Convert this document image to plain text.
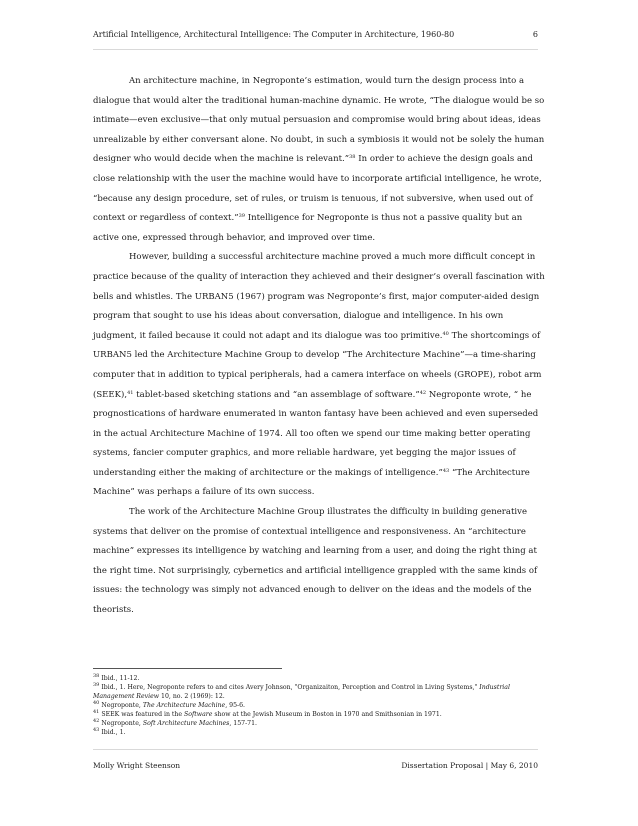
Artificial Intelligence, Architectural Intelligence: The Computer in Architecture, 1960-80	6

An architecture machine, in Negroponte’s estimation, would turn the design process into a dialogue that would alter the traditional human-machine dynamic. He wrote, “The dialogue would be so intimate—even exclusive—that only mutual persuasion and compromise would bring about ideas, ideas unrealizable by either conversant alone. No doubt, in such a symbiosis it would not be solely the human designer who would decide when the machine is relevant.”$^{38}$ In order to achieve the design goals and close relationship with the user the machine would have to incorporate artificial intelligence, he wrote, “because any design procedure, set of rules, or truism is tenuous, if not subversive, when used out of context or regardless of context.”$^{39}$ Intelligence for Negroponte is thus not a passive quality but an active one, expressed through behavior, and improved over time.

However, building a successful architecture machine proved a much more difficult concept in practice because of the quality of interaction they achieved and their designer’s overall fascination with bells and whistles. The URBAN5 (1967) program was Negroponte’s first, major computer-aided design program that sought to use his ideas about conversation, dialogue and intelligence. In his own judgment, it failed because it could not adapt and its dialogue was too primitive.$^{40}$ The shortcomings of URBAN5 led the Architecture Machine Group to develop “The Architecture Machine”—a time-sharing computer that in addition to typical peripherals, had a camera interface on wheels (GROPE), robot arm (SEEK),$^{41}$ tablet-based sketching stations and “an assemblage of software.”$^{42}$ Negroponte wrote, “ he prognostications of hardware enumerated in wanton fantasy have been achieved and even superseded in the actual Architecture Machine of 1974. All too often we spend our time making better operating systems, fancier computer graphics, and more reliable hardware, yet begging the major issues of understanding either the making of architecture or the makings of intelligence.”$^{43}$ “The Architecture Machine” was perhaps a failure of its own success.

The work of the Architecture Machine Group illustrates the difficulty in building generative systems that deliver on the promise of contextual intelligence and responsiveness. An “architecture machine” expresses its intelligence by watching and learning from a user, and doing the right thing at the right time. Not surprisingly, cybernetics and artificial intelligence grappled with the same kinds of issues: the technology was simply not advanced enough to deliver on the ideas and the models of the theorists.

$^{38}$ Ibid., 11-12.
$^{39}$ Ibid., 1. Here, Negroponte refers to and cites Avery Johnson, "Organizaiton, Perception and Control in Living Systems," Industrial Management Review 10, no. 2 (1969): 12.
$^{40}$ Negroponte, The Architecture Machine, 95-6.
$^{41}$ SEEK was featured in the Software show at the Jewish Museum in Boston in 1970 and Smithsonian in 1971.
$^{42}$ Negroponte, Soft Architecture Machines, 157-71.
$^{43}$ Ibid., 1.
Molly Wright Steenson	Dissertation Proposal | May 6, 2010
